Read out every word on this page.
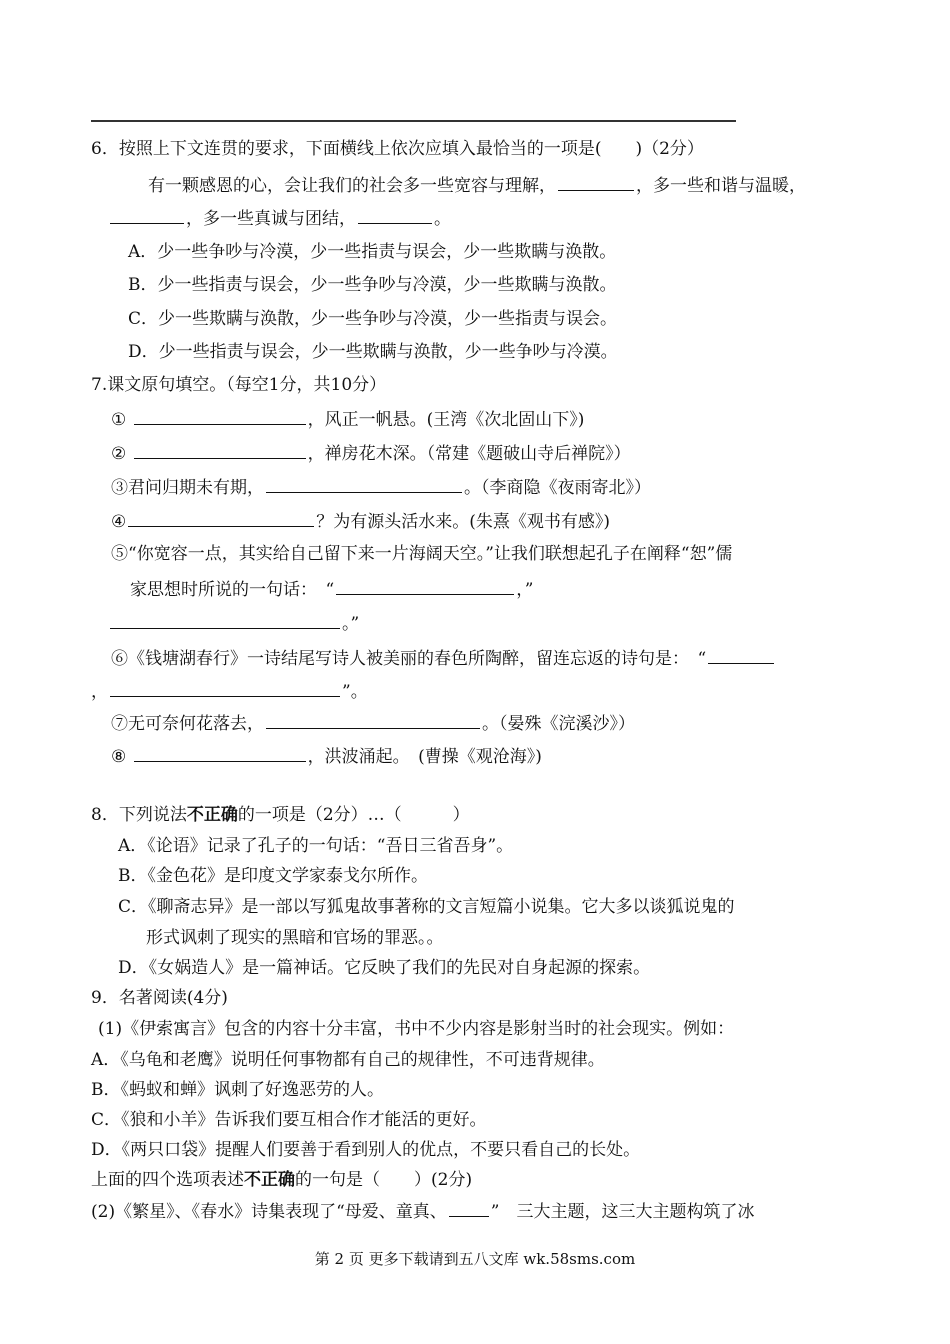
6．按照上下文连贯的要求，下面横线上依次应填入最恰当的一项是(　　)（2分）
有一颗感恩的心，会让我们的社会多一些宽容与理解，	，多一些和谐与温暖，
，多一些真诚与团结，	。
A．少一些争吵与冷漠，少一些指责与误会，少一些欺瞒与涣散。
B．少一些指责与误会，少一些争吵与冷漠，少一些欺瞒与涣散。
C．少一些欺瞒与涣散，少一些争吵与冷漠，少一些指责与误会。
D．少一些指责与误会，少一些欺瞒与涣散，少一些争吵与冷漠。
7.课文原句填空。（每空1分，共10分）
①	，风正一帆悬。(王湾《次北固山下》)
②	，禅房花木深。（常建《题破山寺后禅院》）
③君问归期未有期，	。（李商隐《夜雨寄北》）
④	？为有源头活水来。(朱熹《观书有感》)
⑤“你宽容一点，其实给自己留下来一片海阔天空。”让我们联想起孔子在阐释“恕”儒
家思想时所说的一句话：　“	，”
。”
⑥《钱塘湖春行》一诗结尾写诗人被美丽的春色所陶醉，留连忘返的诗句是：　“
，	”。
⑦无可奈何花落去，	。（晏殊《浣溪沙》）
⑧	，洪波涌起。　(曹操《观沧海》)
8．下列说法不正确的一项是（2分）…（　　　）
A．《论语》记录了孔子的一句话：“吾日三省吾身”。
B．《金色花》是印度文学家泰戈尔所作。
C．《聊斋志异》是一部以写狐鬼故事著称的文言短篇小说集。它大多以谈狐说鬼的
形式讽刺了现实的黑暗和官场的罪恶。。
D．《女娲造人》是一篇神话。它反映了我们的先民对自身起源的探索。
9．名著阅读(4分)
(1)《伊索寓言》包含的内容十分丰富，书中不少内容是影射当时的社会现实。例如：
A．《乌龟和老鹰》说明任何事物都有自己的规律性，不可违背规律。
B．《蚂蚁和蝉》讽刺了好逸恶劳的人。
C．《狼和小羊》告诉我们要互相合作才能活的更好。
D．《两只口袋》提醒人们要善于看到别人的优点，不要只看自己的长处。
上面的四个选项表述不正确的一句是（　　）(2分)
(2)《繁星》、《春水》诗集表现了“母爱、童真、	”　三大主题，这三大主题构筑了冰
第 2 页 更多下载请到五八文库 wk.58sms.com
